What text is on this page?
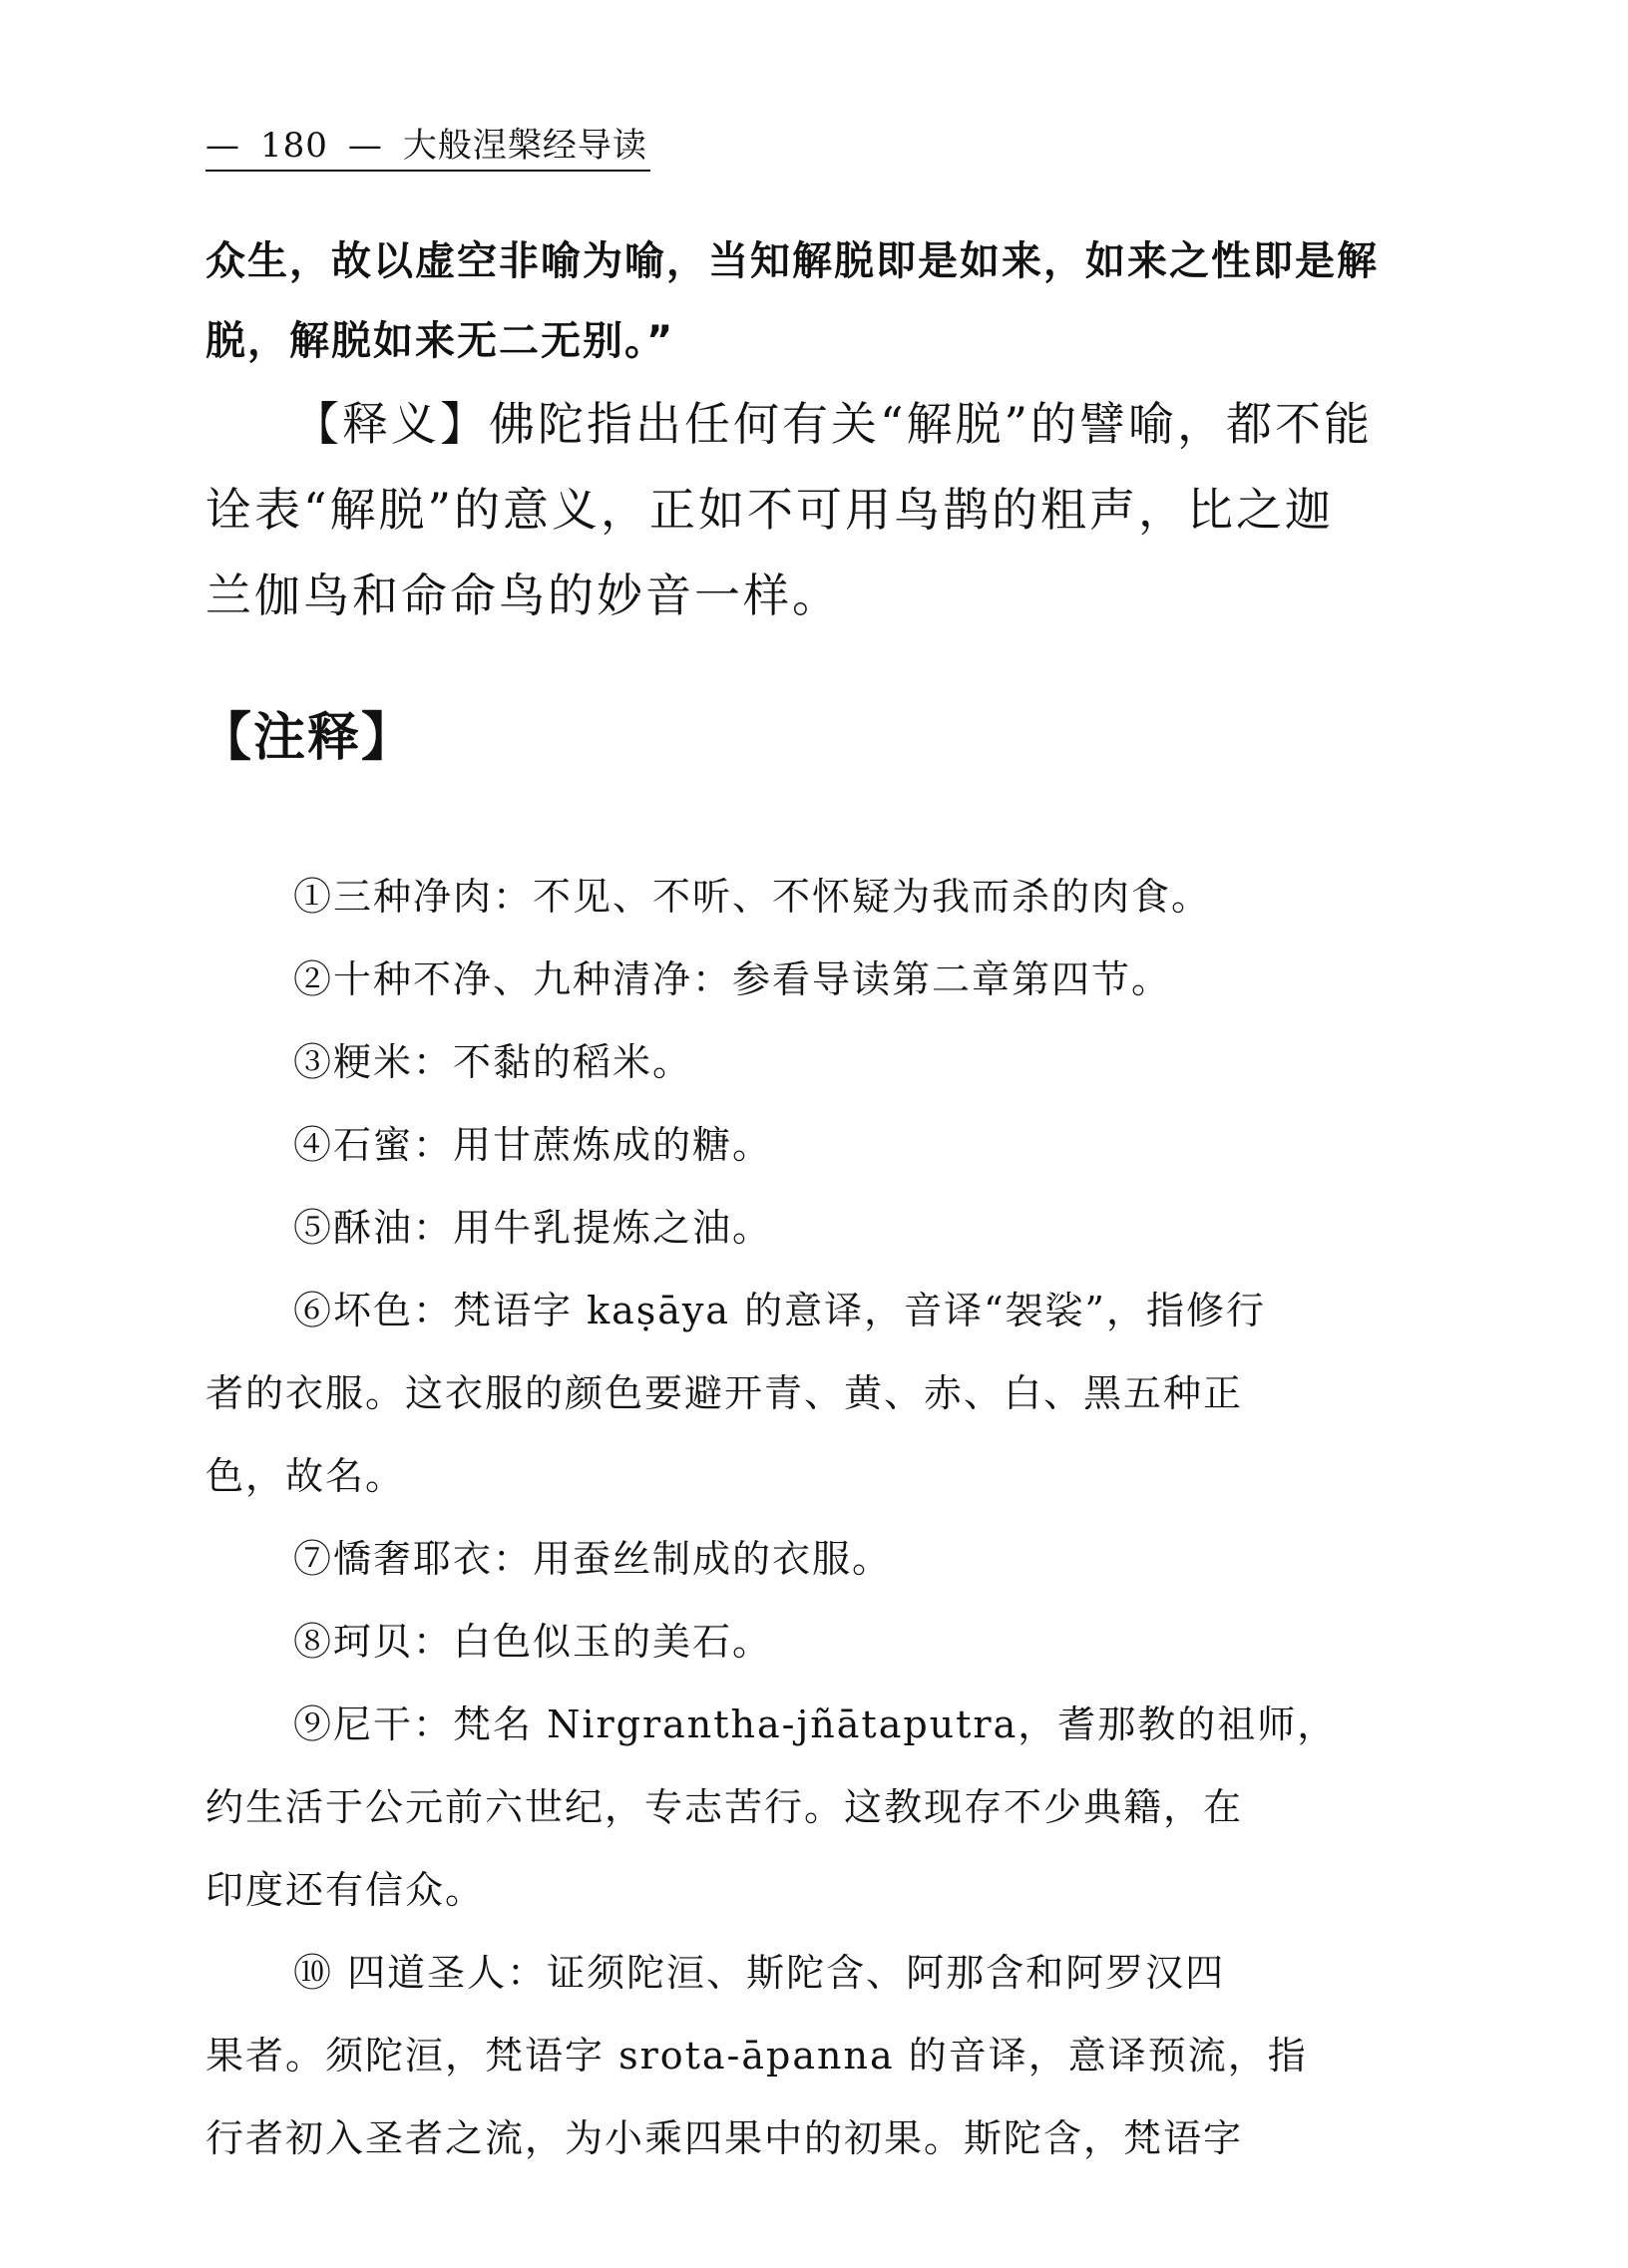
— 180 — 大般涅槃经导读

众生，故以虚空非喻为喻，当知解脱即是如来，如来之性即是解

脱，解脱如来无二无别。”

【释义】佛陀指出任何有关“解脱”的譬喻，都不能

诠表“解脱”的意义，正如不可用鸟鹊的粗声，比之迦

兰伽鸟和命命鸟的妙音一样。

【注释】

①三种净肉：不见、不听、不怀疑为我而杀的肉食。

②十种不净、九种清净：参看导读第二章第四节。

③粳米：不黏的稻米。

④石蜜：用甘蔗炼成的糖。

⑤酥油：用牛乳提炼之油。

⑥坏色：梵语字 kaṣāya 的意译，音译“袈裟”，指修行

者的衣服。这衣服的颜色要避开青、黄、赤、白、黑五种正

色，故名。

⑦憍奢耶衣：用蚕丝制成的衣服。

⑧珂贝：白色似玉的美石。

⑨尼干：梵名 Nirgrantha-jñātaputra，耆那教的祖师，

约生活于公元前六世纪，专志苦行。这教现存不少典籍，在

印度还有信众。

⑩ 四道圣人：证须陀洹、斯陀含、阿那含和阿罗汉四

果者。须陀洹，梵语字 srota-āpanna 的音译，意译预流，指

行者初入圣者之流，为小乘四果中的初果。斯陀含，梵语字
